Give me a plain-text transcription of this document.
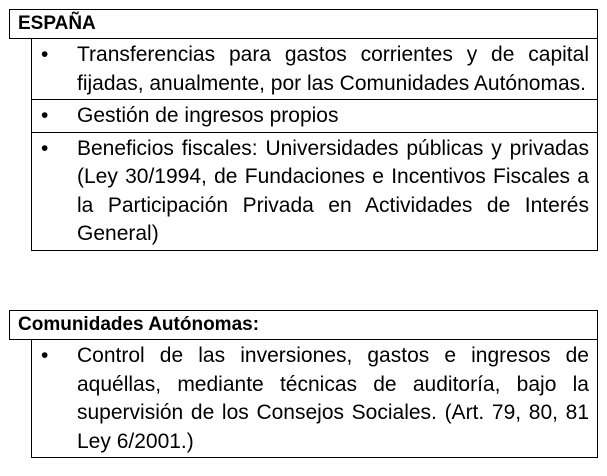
ESPAÑA
• Transferencias para gastos corrientes y de capital fijadas, anualmente, por las Comunidades Autónomas.
• Gestión de ingresos propios
• Beneficios fiscales: Universidades públicas y privadas (Ley 30/1994, de Fundaciones e Incentivos Fiscales a la Participación Privada en Actividades de Interés General)
Comunidades Autónomas:
• Control de las inversiones, gastos e ingresos de aquéllas, mediante técnicas de auditoría, bajo la supervisión de los Consejos Sociales. (Art. 79, 80, 81 Ley 6/2001.)
